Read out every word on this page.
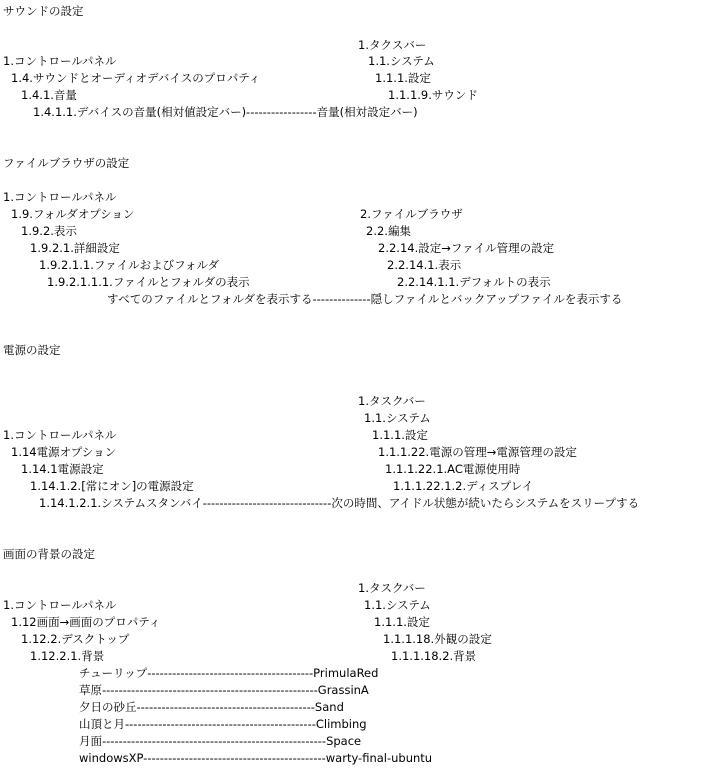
サウンドの設定
1.タクスバー
1.コントロールパネル	1.1.システム
1.4.サウンドとオーディオデバイスのプロパティ	1.1.1.設定
1.4.1.音量	1.1.1.9.サウンド
1.4.1.1.デバイスの音量(相対値設定バー)-----------------音量(相対設定バー)
ファイルブラウザの設定
1.コントロールパネル
1.9.フォルダオプション	2.ファイルブラウザ
1.9.2.表示	2.2.編集
1.9.2.1.詳細設定	2.2.14.設定→ファイル管理の設定
1.9.2.1.1.ファイルおよびフォルダ	2.2.14.1.表示
1.9.2.1.1.1.ファイルとフォルダの表示	2.2.14.1.1.デフォルトの表示
すべてのファイルとフォルダを表示する--------------隠しファイルとバックアップファイルを表示する
電源の設定
1.タスクバー
1.1.システム
1.コントロールパネル	1.1.1.設定
1.14電源オプション	1.1.1.22.電源の管理→電源管理の設定
1.14.1電源設定	1.1.1.22.1.AC電源使用時
1.14.1.2.[常にオン]の電源設定	1.1.1.22.1.2.ディスプレイ
1.14.1.2.1.システムスタンバイ-------------------------------次の時間、アイドル状態が続いたらシステムをスリープする
画面の背景の設定
1.タスクバー
1.コントロールパネル	1.1.システム
1.12画面→画面のプロパティ	1.1.1.設定
1.12.2.デスクトップ	1.1.1.18.外観の設定
1.12.2.1.背景	1.1.1.18.2.背景
チューリップ----------------------------------------PrimulaRed
草原----------------------------------------------------GrassinA
夕日の砂丘-------------------------------------------Sand
山頂と月----------------------------------------------Climbing
月面------------------------------------------------------Space
windowsXP--------------------------------------------warty-final-ubuntu
